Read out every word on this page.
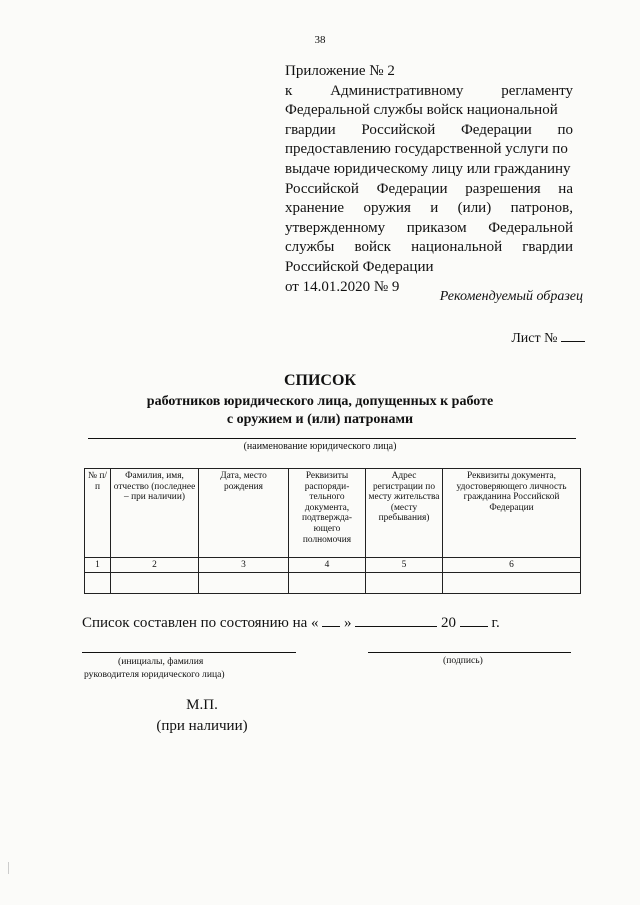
38
Приложение № 2
к	Административному	регламенту
Федеральной службы войск национальной
гвардии Российской Федерации по
предоставлению государственной услуги по
выдаче юридическому лицу или гражданину
Российской Федерации разрешения на
хранение оружия и (или) патронов,
утвержденному приказом Федеральной
службы войск национальной гвардии
Российской Федерации
от 14.01.2020 № 9
Рекомендуемый образец
Лист №
СПИСОК
работников юридического лица, допущенных к работе
с оружием и (или) патронами
(наименование юридического лица)
№ п/п	Фамилия, имя, отчество (последнее – при наличии)	Дата, место рождения	Реквизиты распоряди-тельного документа, подтвержда-ющего полномочия	Адрес регистрации по месту жительства (месту пребывания)	Реквизиты документа, удостоверяющего личность гражданина Российской Федерации
1	2	3	4	5	6

Список составлен по состоянию на « »	20 г.
(инициалы, фамилия
руководителя юридического лица)
(подпись)
М.П.
(при наличии)
